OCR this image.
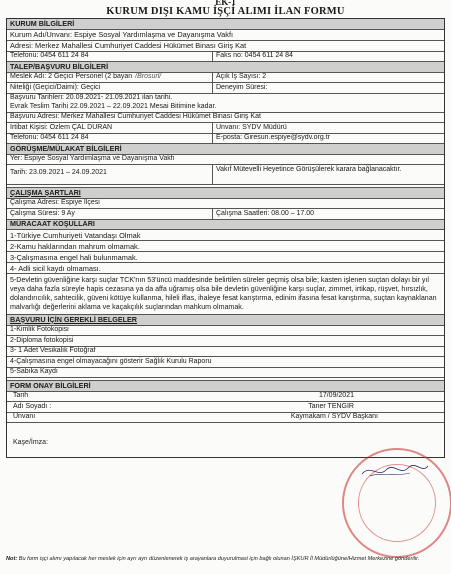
EK-1
KURUM DIŞI KAMU İŞÇİ ALIMI İLAN FORMU
KURUM BİLGİLERİ
Kurum Adı/Unvanı: Espiye Sosyal Yardımlaşma ve Dayanışma Vakfı
Adresi: Merkez Mahallesi Cumhuriyet Caddesi Hükümet Binası Giriş Kat
Telefonu: 0454 611 24 84	Faks no: 0454 611 24 84
TALEP/BAŞVURU BİLGİLERİ
Meslek Adı: 2 Geçici Personel (2 bayan /Brosurl/	Açık İş Sayısı: 2
Niteliği (Geçici/Daimi): Geçici	Deneyim Süresi:
Başvuru Tarihleri: 20.09.2021- 21.09.2021 ilan tarihi.
Evrak Teslim Tarihi 22.09.2021 – 22.09.2021 Mesai Bitimine kadar.
Başvuru Adresi: Merkez Mahallesi Cumhuriyet Caddesi Hükümet Binası Giriş Kat
İrtibat Kişisi: Özlem ÇAL DURAN	Unvanı: SYDV Müdürü
Telefonu: 0454 611 24 84	E-posta: Giresun.espiye@sydv.org.tr
GÖRÜŞME/MÜLAKAT BİLGİLERİ
Yer: Espiye Sosyal Yardımlaşma ve Dayanışma Vakfı
Tarih: 23.09.2021 – 24.09.2021	Vakıf Mütevelli Heyetince Görüşülerek karara bağlanacaktır.
ÇALIŞMA ŞARTLARI
Çalışma Adresi: Espiye İlçesi
Çalışma Süresi: 9 Ay	Çalışma Saatleri: 08.00 – 17.00
MÜRACAAT KOŞULLARI
1-Türkiye Cumhuriyeti Vatandaşı Olmak
2-Kamu haklarından mahrum olmamak.
3-Çalışmasına engel hali bulunmamak.
4- Adli sicil kaydı olmaması.
5-Devletin güvenliğine karşı suçlar TCK'nın 53'üncü maddesinde belirtilen süreler geçmiş olsa bile; kasten işlenen suçtan dolayı bir yıl veya daha fazla süreyle hapis cezasına ya da affa uğramış olsa bile devletin güvenliğine karşı suçlar, zimmet, irtikap, rüşvet, hırsızlık, dolandırıcılık, sahtecilik, güveni kötüye kullanma, hileli iflas, ihaleye fesat karıştırma, edinim ifasına fesat karıştırma, suçtan kaynaklanan malvarlığı değerlerini aklama ve kaçakçılık suçlarından mahkum olmamak.
BAŞVURU İÇİN GEREKLİ BELGELER
1-Kimlik Fotokopisi
2-Diploma fotokopisi
3- 1 Adet Vesikalık Fotoğraf
4-Çalışmasına engel olmayacağını gösterir Sağlık Kurulu Raporu
5-Sabıka Kaydı
FORM ONAY BİLGİLERİ
Tarih	17/09/2021
Adı Soyadı :	Taner TENGİR
Unvanı	Kaymakam / SYDV Başkanı
Kaşe/İmza:
Not: Bu form işçi alımı yapılacak her meslek için ayrı ayrı düzenlenerek iş arayanlara duyurulmasi için bağlı olunan İŞKUR İl Müdürlüğüne/Hizmet Merkezine gönderilir.
